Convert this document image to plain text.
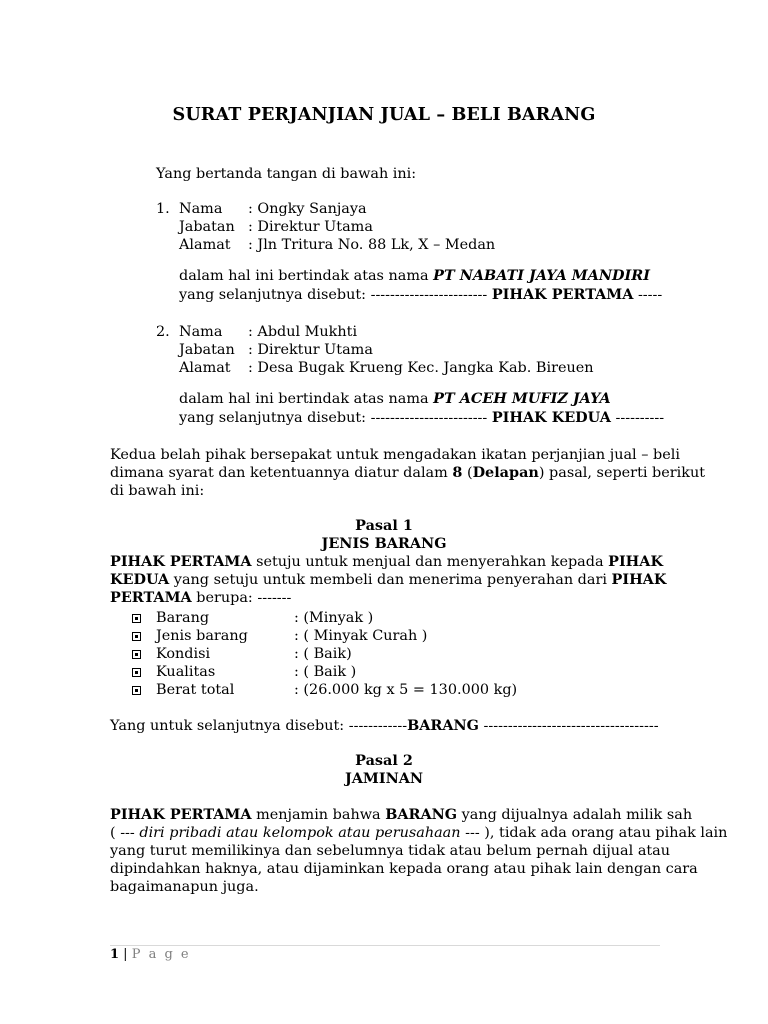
SURAT PERJANJIAN JUAL – BELI BARANG
Yang bertanda tangan di bawah ini:
1. Nama : Ongky Sanjaya
Jabatan : Direktur Utama
Alamat : Jln Tritura No. 88 Lk, X – Medan
dalam hal ini bertindak atas nama PT NABATI JAYA MANDIRI
yang selanjutnya disebut: ------------------------ PIHAK PERTAMA -----
2. Nama : Abdul Mukhti
Jabatan : Direktur Utama
Alamat : Desa Bugak Krueng Kec. Jangka Kab. Bireuen
dalam hal ini bertindak atas nama PT ACEH MUFIZ JAYA
yang selanjutnya disebut: ------------------------ PIHAK KEDUA ----------
Kedua belah pihak bersepakat untuk mengadakan ikatan perjanjian jual – beli
dimana syarat dan ketentuannya diatur dalam 8 (Delapan) pasal, seperti berikut
di bawah ini:
Pasal 1
JENIS BARANG
PIHAK PERTAMA setuju untuk menjual dan menyerahkan kepada PIHAK
KEDUA yang setuju untuk membeli dan menerima penyerahan dari PIHAK
PERTAMA berupa: -------
Barang	: (Minyak )
Jenis barang	: ( Minyak Curah )
Kondisi	: ( Baik)
Kualitas	: ( Baik )
Berat total	: (26.000 kg x 5 = 130.000 kg)
Yang untuk selanjutnya disebut: ------------BARANG ------------------------------------
Pasal 2
JAMINAN
PIHAK PERTAMA menjamin bahwa BARANG yang dijualnya adalah milik sah
( --- diri pribadi atau kelompok atau perusahaan --- ), tidak ada orang atau pihak lain
yang turut memilikinya dan sebelumnya tidak atau belum pernah dijual atau
dipindahkan haknya, atau dijaminkan kepada orang atau pihak lain dengan cara
bagaimanapun juga.
1 | P a g e
